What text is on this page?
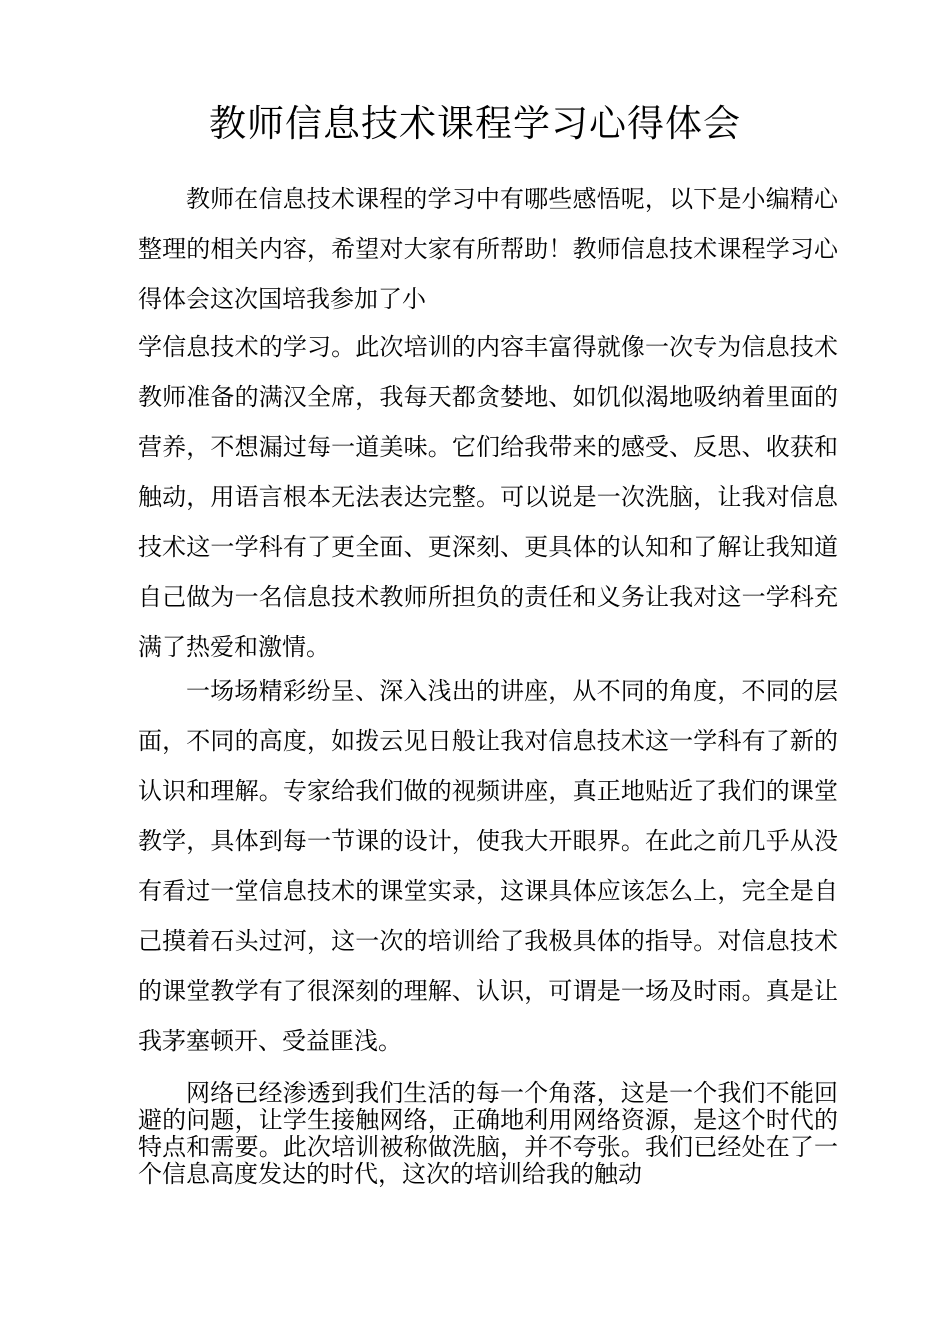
教师信息技术课程学习心得体会
教师在信息技术课程的学习中有哪些感悟呢，以下是小编精心整理的相关内容，希望对大家有所帮助！教师信息技术课程学习心得体会这次国培我参加了小
学信息技术的学习。此次培训的内容丰富得就像一次专为信息技术教师准备的满汉全席，我每天都贪婪地、如饥似渴地吸纳着里面的营养，不想漏过每一道美味。它们给我带来的感受、反思、收获和触动，用语言根本无法表达完整。可以说是一次洗脑，让我对信息技术这一学科有了更全面、更深刻、更具体的认知和了解让我知道自己做为一名信息技术教师所担负的责任和义务让我对这一学科充满了热爱和激情。
一场场精彩纷呈、深入浅出的讲座，从不同的角度，不同的层面，不同的高度，如拨云见日般让我对信息技术这一学科有了新的认识和理解。专家给我们做的视频讲座，真正地贴近了我们的课堂教学，具体到每一节课的设计，使我大开眼界。在此之前几乎从没有看过一堂信息技术的课堂实录，这课具体应该怎么上，完全是自己摸着石头过河，这一次的培训给了我极具体的指导。对信息技术的课堂教学有了很深刻的理解、认识，可谓是一场及时雨。真是让我茅塞顿开、受益匪浅。
网络已经渗透到我们生活的每一个角落，这是一个我们不能回避的问题，让学生接触网络，正确地利用网络资源，是这个时代的特点和需要。此次培训被称做洗脑，并不夸张。我们已经处在了一个信息高度发达的时代，这次的培训给我的触动
